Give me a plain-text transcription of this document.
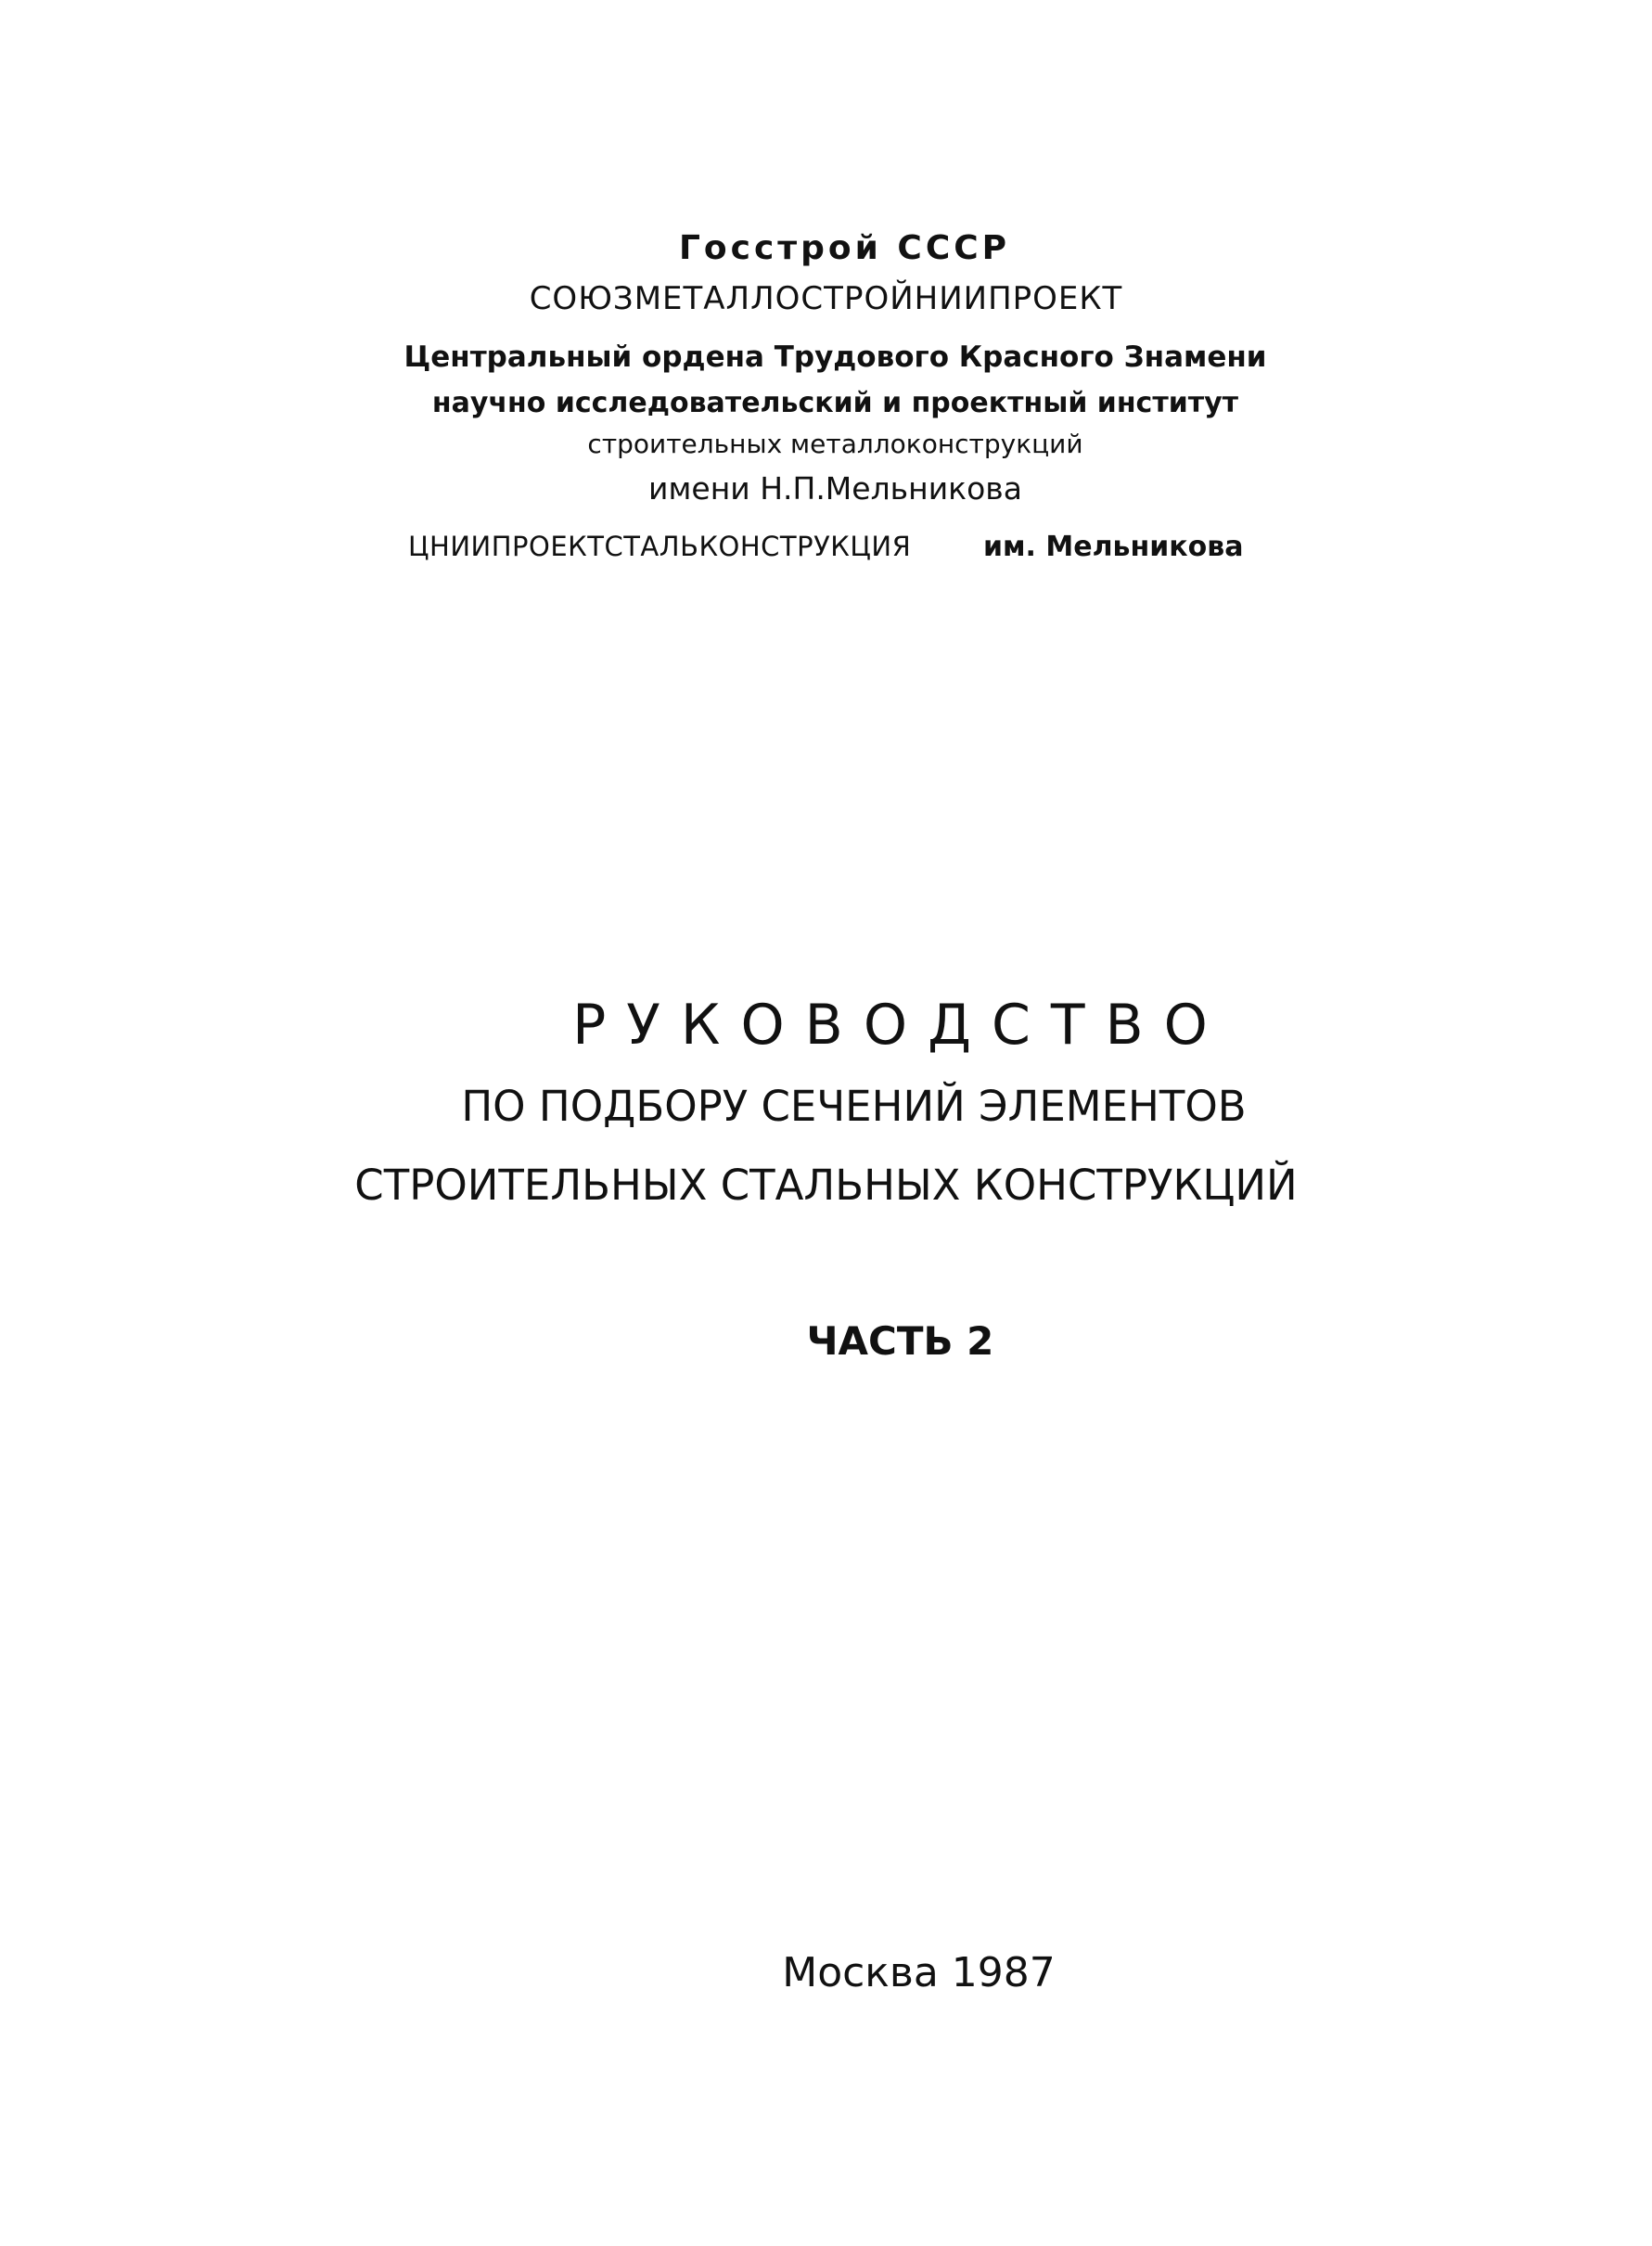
Госстрой СССР
СОЮЗМЕТАЛЛОСТРОЙНИИПРОЕКТ
Центральный ордена Трудового Красного Знамени
научно исследовательский и проектный институт
строительных металлоконструкций
имени Н.П.Мельникова
ЦНИИПРОЕКТСТАЛЬКОНСТРУКЦИЯ	им. Мельникова
РУКОВОДСТВО
ПО ПОДБОРУ СЕЧЕНИЙ ЭЛЕМЕНТОВ
СТРОИТЕЛЬНЫХ СТАЛЬНЫХ КОНСТРУКЦИЙ
ЧАСТЬ 2
Москва 1987
